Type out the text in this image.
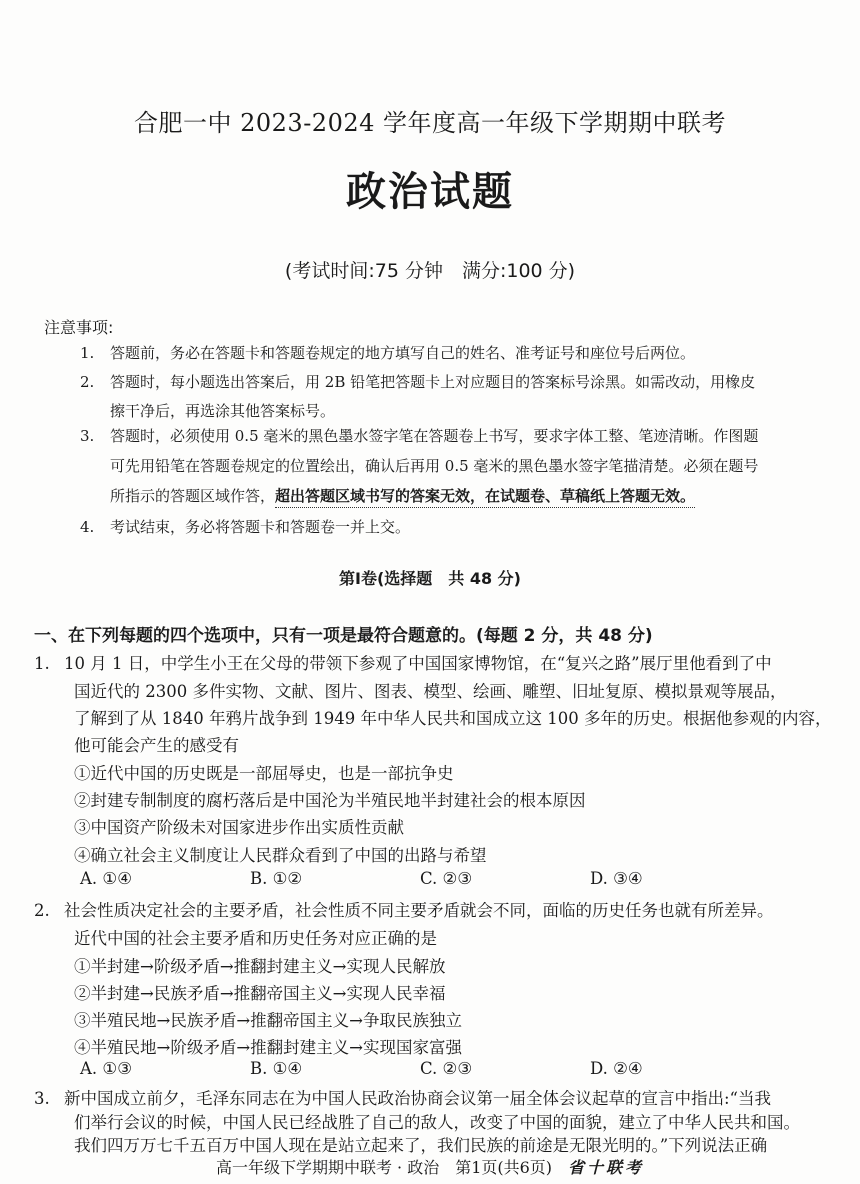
合肥一中 2023-2024 学年度高一年级下学期期中联考
政治试题
(考试时间:75 分钟　满分:100 分)
注意事项:
1. 答题前，务必在答题卡和答题卷规定的地方填写自己的姓名、准考证号和座位号后两位。
2. 答题时，每小题选出答案后，用 2B 铅笔把答题卡上对应题目的答案标号涂黑。如需改动，用橡皮
擦干净后，再选涂其他答案标号。
3. 答题时，必须使用 0.5 毫米的黑色墨水签字笔在答题卷上书写，要求字体工整、笔迹清晰。作图题
可先用铅笔在答题卷规定的位置绘出，确认后再用 0.5 毫米的黑色墨水签字笔描清楚。必须在题号
所指示的答题区域作答，超出答题区域书写的答案无效，在试题卷、草稿纸上答题无效。
4. 考试结束，务必将答题卡和答题卷一并上交。
第Ⅰ卷(选择题　共 48 分)
一、在下列每题的四个选项中，只有一项是最符合题意的。(每题 2 分，共 48 分)
1. 10 月 1 日，中学生小王在父母的带领下参观了中国国家博物馆，在“复兴之路”展厅里他看到了中
国近代的 2300 多件实物、文献、图片、图表、模型、绘画、雕塑、旧址复原、模拟景观等展品，
了解到了从 1840 年鸦片战争到 1949 年中华人民共和国成立这 100 多年的历史。根据他参观的内容，
他可能会产生的感受有
①近代中国的历史既是一部屈辱史，也是一部抗争史
②封建专制制度的腐朽落后是中国沦为半殖民地半封建社会的根本原因
③中国资产阶级未对国家进步作出实质性贡献
④确立社会主义制度让人民群众看到了中国的出路与希望
A. ①④	B. ①②	C. ②③	D. ③④
2. 社会性质决定社会的主要矛盾，社会性质不同主要矛盾就会不同，面临的历史任务也就有所差异。
近代中国的社会主要矛盾和历史任务对应正确的是
①半封建→阶级矛盾→推翻封建主义→实现人民解放
②半封建→民族矛盾→推翻帝国主义→实现人民幸福
③半殖民地→民族矛盾→推翻帝国主义→争取民族独立
④半殖民地→阶级矛盾→推翻封建主义→实现国家富强
A. ①③	B. ①④	C. ②③	D. ②④
3. 新中国成立前夕，毛泽东同志在为中国人民政治协商会议第一届全体会议起草的宣言中指出:“当我
们举行会议的时候，中国人民已经战胜了自己的敌人，改变了中国的面貌，建立了中华人民共和国。
我们四万万七千五百万中国人现在是站立起来了，我们民族的前途是无限光明的。”下列说法正确
高一年级下学期期中联考 · 政治　第1页(共6页) 省十联考
